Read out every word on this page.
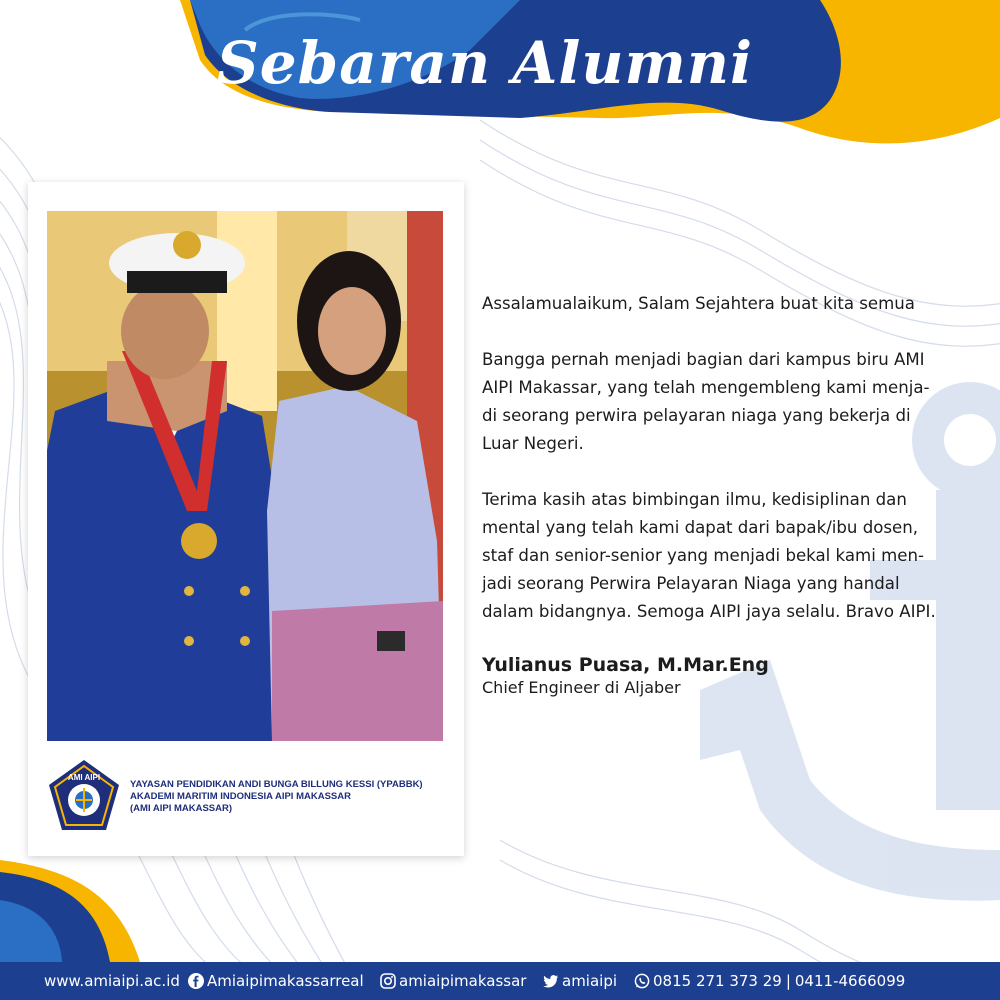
Sebaran Alumni
AMI AIPI
YAYASAN PENDIDIKAN ANDI BUNGA BILLUNG KESSI (YPABBK)
AKADEMI MARITIM INDONESIA AIPI MAKASSAR
(AMI AIPI MAKASSAR)

Assalamualaikum, Salam Sejahtera buat kita semua

Bangga pernah menjadi bagian dari kampus biru AMI
AIPI Makassar, yang telah mengembleng kami menja-
di seorang perwira pelayaran niaga yang bekerja di
Luar Negeri.

Terima kasih atas bimbingan ilmu, kedisiplinan dan
mental yang telah kami dapat dari bapak/ibu dosen,
staf dan senior-senior yang menjadi bekal kami men-
jadi seorang Perwira Pelayaran Niaga yang handal
dalam bidangnya. Semoga AIPI jaya selalu. Bravo AIPI.

Yulianus Puasa, M.Mar.Eng
Chief Engineer di Aljaber
www.amiaipi.ac.id	Amiaipimakassarreal	amiaipimakassar	amiaipi	0815 271 373 29 | 0411-4666099
